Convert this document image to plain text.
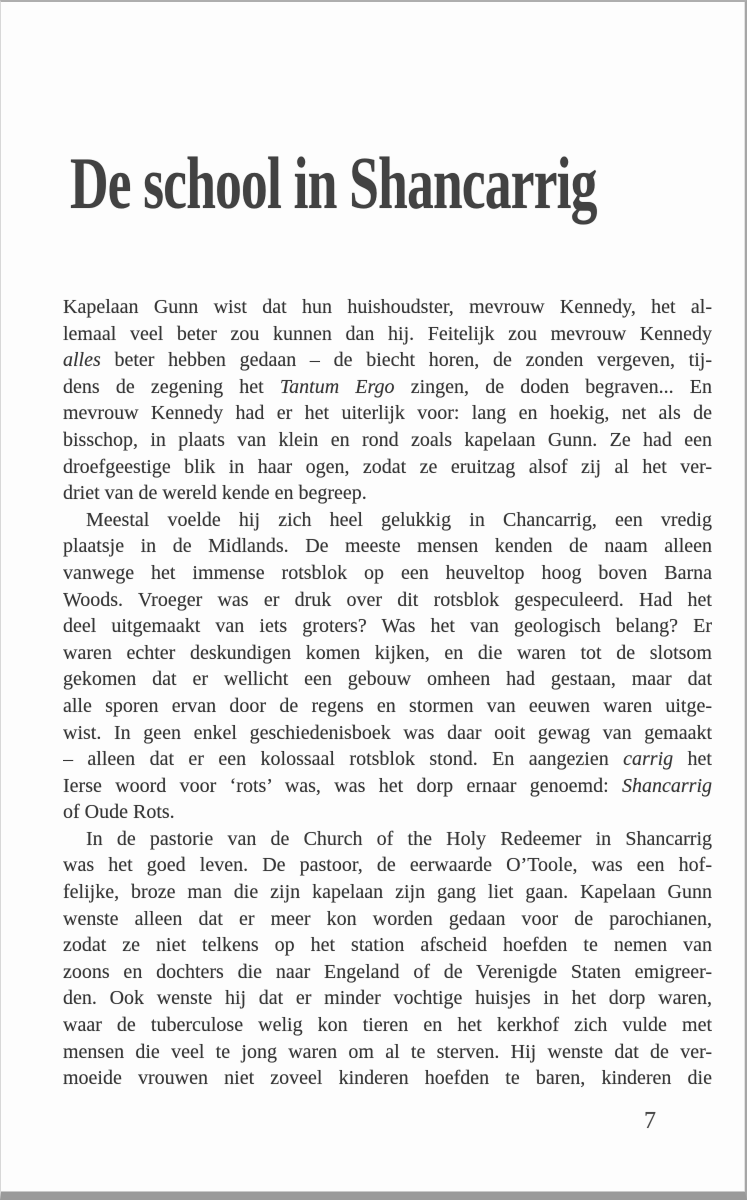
De school in Shancarrig
Kapelaan Gunn wist dat hun huishoudster, mevrouw Kennedy, het al-
lemaal veel beter zou kunnen dan hij. Feitelijk zou mevrouw Kennedy
alles beter hebben gedaan – de biecht horen, de zonden vergeven, tij-
dens de zegening het Tantum Ergo zingen, de doden begraven... En
mevrouw Kennedy had er het uiterlijk voor: lang en hoekig, net als de
bisschop, in plaats van klein en rond zoals kapelaan Gunn. Ze had een
droefgeestige blik in haar ogen, zodat ze eruitzag alsof zij al het ver-
driet van de wereld kende en begreep.
Meestal voelde hij zich heel gelukkig in Chancarrig, een vredig
plaatsje in de Midlands. De meeste mensen kenden de naam alleen
vanwege het immense rotsblok op een heuveltop hoog boven Barna
Woods. Vroeger was er druk over dit rotsblok gespeculeerd. Had het
deel uitgemaakt van iets groters? Was het van geologisch belang? Er
waren echter deskundigen komen kijken, en die waren tot de slotsom
gekomen dat er wellicht een gebouw omheen had gestaan, maar dat
alle sporen ervan door de regens en stormen van eeuwen waren uitge-
wist. In geen enkel geschiedenisboek was daar ooit gewag van gemaakt
– alleen dat er een kolossaal rotsblok stond. En aangezien carrig het
Ierse woord voor ‘rots’ was, was het dorp ernaar genoemd: Shancarrig
of Oude Rots.
In de pastorie van de Church of the Holy Redeemer in Shancarrig
was het goed leven. De pastoor, de eerwaarde O’Toole, was een hof-
felijke, broze man die zijn kapelaan zijn gang liet gaan. Kapelaan Gunn
wenste alleen dat er meer kon worden gedaan voor de parochianen,
zodat ze niet telkens op het station afscheid hoefden te nemen van
zoons en dochters die naar Engeland of de Verenigde Staten emigreer-
den. Ook wenste hij dat er minder vochtige huisjes in het dorp waren,
waar de tuberculose welig kon tieren en het kerkhof zich vulde met
mensen die veel te jong waren om al te sterven. Hij wenste dat de ver-
moeide vrouwen niet zoveel kinderen hoefden te baren, kinderen die
7
